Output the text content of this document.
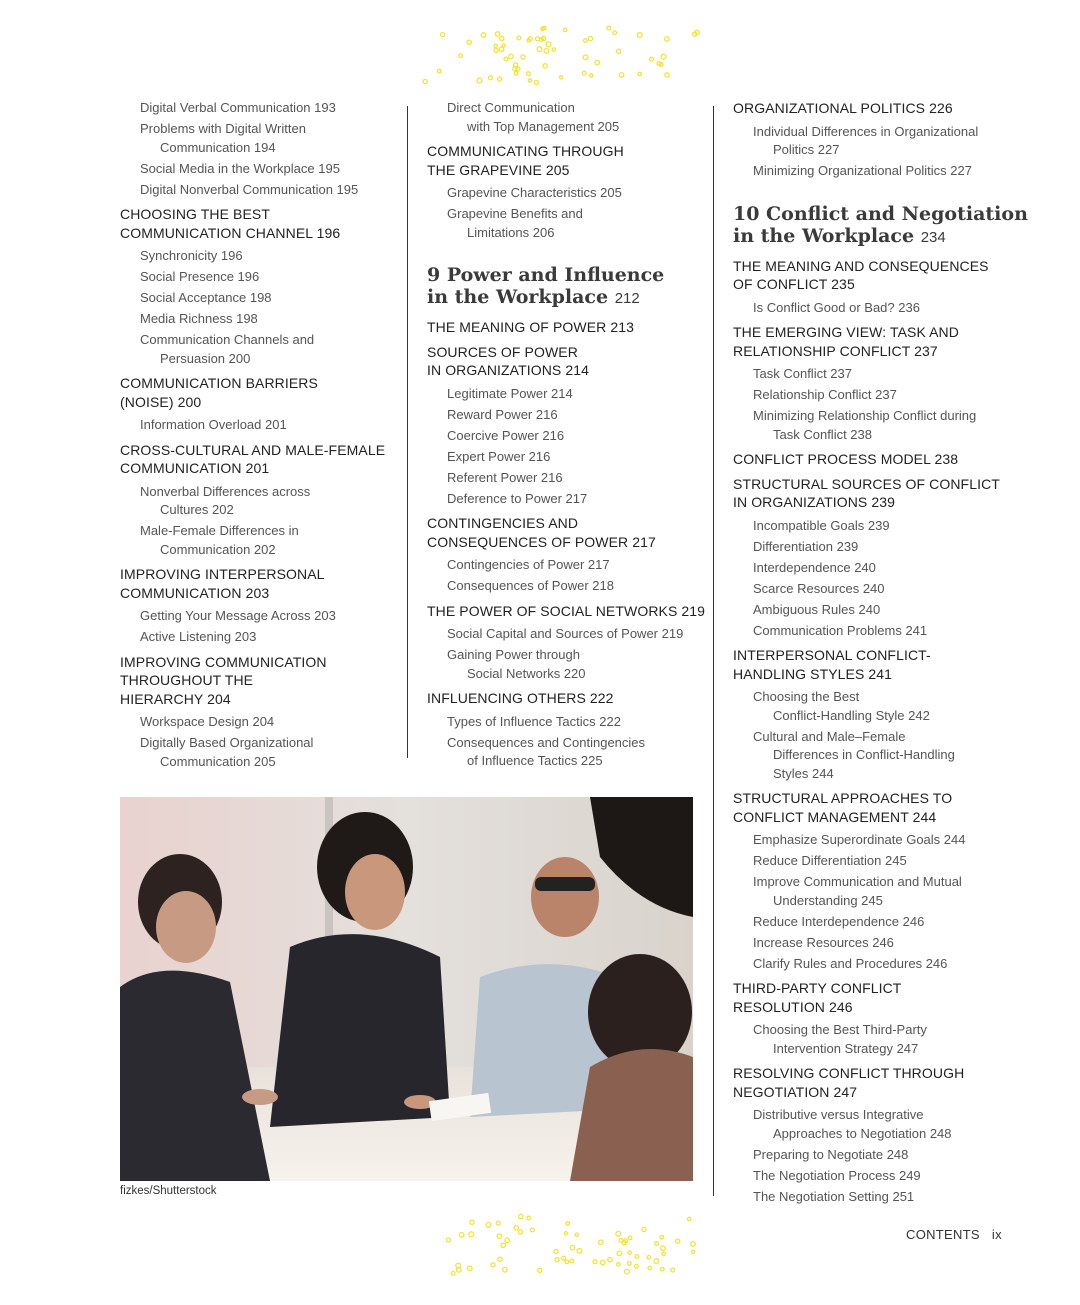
Digital Verbal Communication 193
Problems with Digital Written
Communication 194
Social Media in the Workplace 195
Digital Nonverbal Communication 195
CHOOSING THE BEST
COMMUNICATION CHANNEL 196
Synchronicity 196
Social Presence 196
Social Acceptance 198
Media Richness 198
Communication Channels and
Persuasion 200
COMMUNICATION BARRIERS
(NOISE) 200
Information Overload 201
CROSS-CULTURAL AND MALE-FEMALE
COMMUNICATION 201
Nonverbal Differences across
Cultures 202
Male-Female Differences in
Communication 202
IMPROVING INTERPERSONAL
COMMUNICATION 203
Getting Your Message Across 203
Active Listening 203
IMPROVING COMMUNICATION
THROUGHOUT THE
HIERARCHY 204
Workspace Design 204
Digitally Based Organizational
Communication 205
Direct Communication
with Top Management 205
COMMUNICATING THROUGH
THE GRAPEVINE 205
Grapevine Characteristics 205
Grapevine Benefits and
Limitations 206
9 Power and Influence
in the Workplace 212
THE MEANING OF POWER 213
SOURCES OF POWER
IN ORGANIZATIONS 214
Legitimate Power 214
Reward Power 216
Coercive Power 216
Expert Power 216
Referent Power 216
Deference to Power 217
CONTINGENCIES AND
CONSEQUENCES OF POWER 217
Contingencies of Power 217
Consequences of Power 218
THE POWER OF SOCIAL NETWORKS 219
Social Capital and Sources of Power 219
Gaining Power through
Social Networks 220
INFLUENCING OTHERS 222
Types of Influence Tactics 222
Consequences and Contingencies
of Influence Tactics 225
ORGANIZATIONAL POLITICS 226
Individual Differences in Organizational
Politics 227
Minimizing Organizational Politics 227
10 Conflict and Negotiation
in the Workplace 234
THE MEANING AND CONSEQUENCES
OF CONFLICT 235
Is Conflict Good or Bad? 236
THE EMERGING VIEW: TASK AND
RELATIONSHIP CONFLICT 237
Task Conflict 237
Relationship Conflict 237
Minimizing Relationship Conflict during
Task Conflict 238
CONFLICT PROCESS MODEL 238
STRUCTURAL SOURCES OF CONFLICT
IN ORGANIZATIONS 239
Incompatible Goals 239
Differentiation 239
Interdependence 240
Scarce Resources 240
Ambiguous Rules 240
Communication Problems 241
INTERPERSONAL CONFLICT-
HANDLING STYLES 241
Choosing the Best
Conflict-Handling Style 242
Cultural and Male–Female
Differences in Conflict-Handling
Styles 244
STRUCTURAL APPROACHES TO
CONFLICT MANAGEMENT 244
Emphasize Superordinate Goals 244
Reduce Differentiation 245
Improve Communication and Mutual
Understanding 245
Reduce Interdependence 246
Increase Resources 246
Clarify Rules and Procedures 246
THIRD-PARTY CONFLICT
RESOLUTION 246
Choosing the Best Third-Party
Intervention Strategy 247
RESOLVING CONFLICT THROUGH
NEGOTIATION 247
Distributive versus Integrative
Approaches to Negotiation 248
Preparing to Negotiate 248
The Negotiation Process 249
The Negotiation Setting 251
fizkes/Shutterstock
CONTENTS ix
